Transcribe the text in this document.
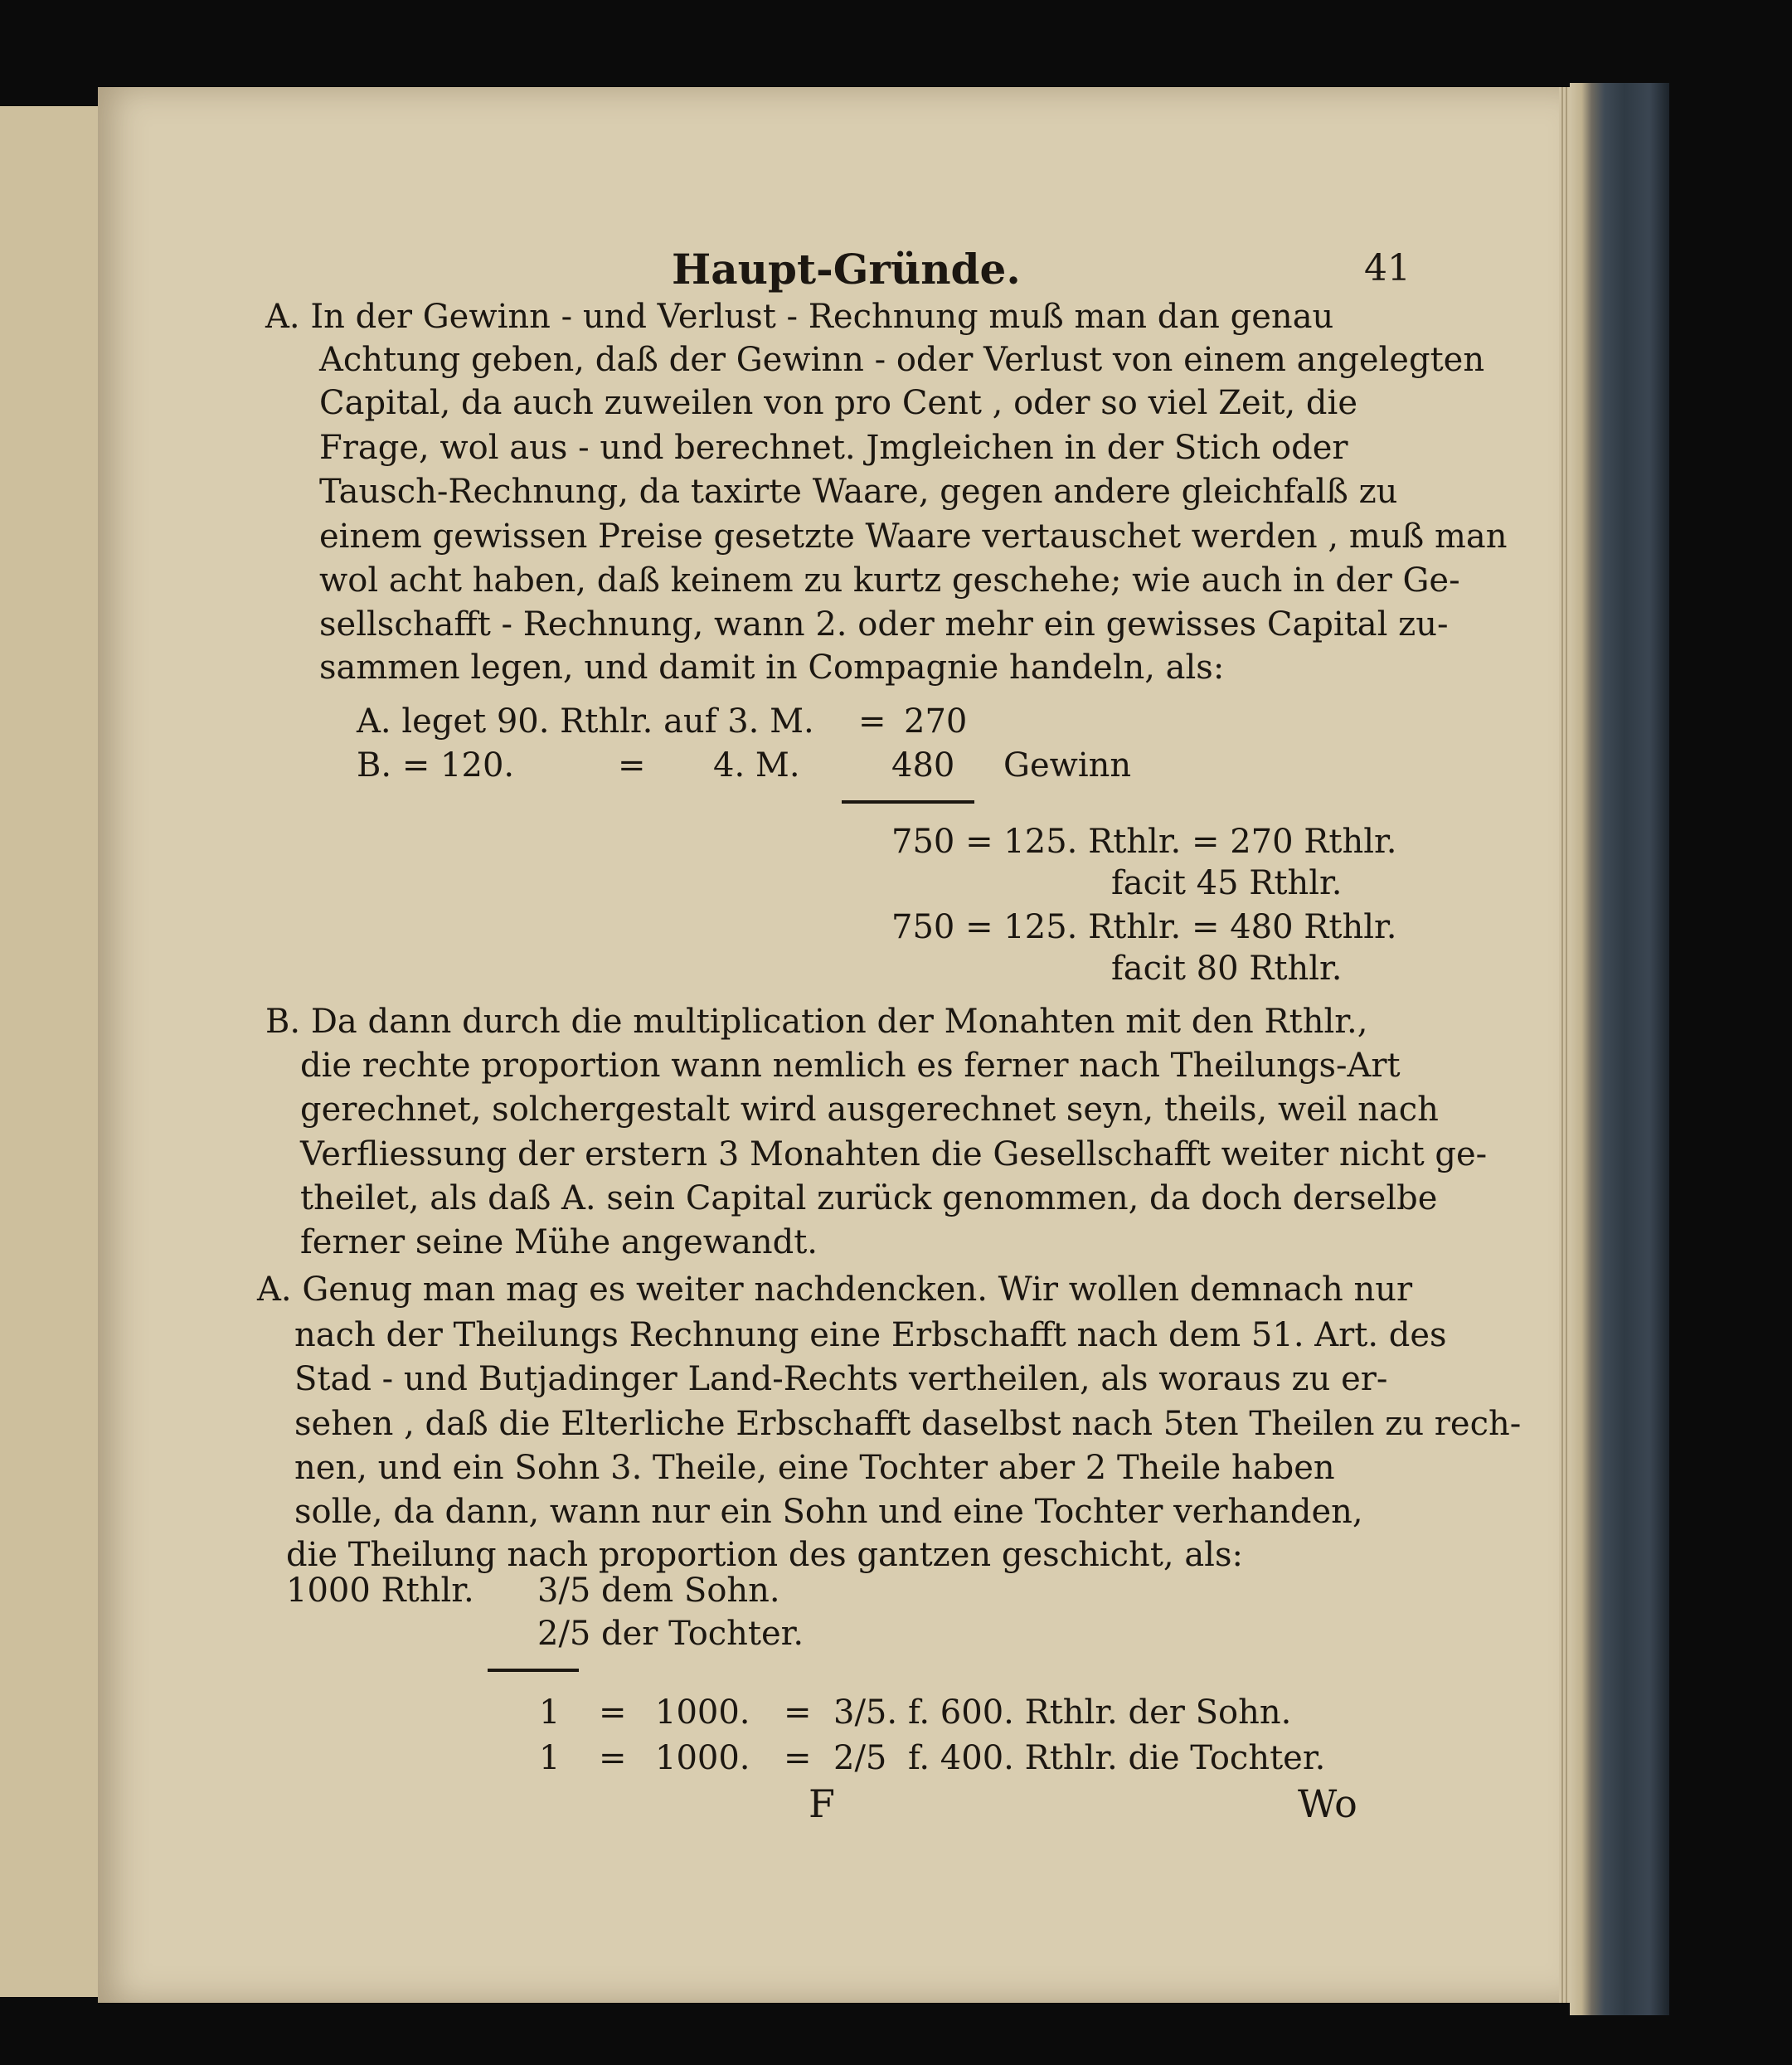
Haupt-Gründe.	41
A. In der Gewinn - und Verlust - Rechnung muß man dan genau
Achtung geben, daß der Gewinn - oder Verlust von einem angelegten
Capital, da auch zuweilen von pro Cent , oder so viel Zeit, die
Frage, wol aus - und berechnet. Jmgleichen in der Stich oder
Tausch-Rechnung, da taxirte Waare, gegen andere gleichfalß zu
einem gewissen Preise gesetzte Waare vertauschet werden , muß man
wol acht haben, daß keinem zu kurtz geschehe; wie auch in der Ge-
sellschafft - Rechnung, wann 2. oder mehr ein gewisses Capital zu-
sammen legen, und damit in Compagnie handeln, als:
A. leget 90. Rthlr. auf 3. M. = 270
B. = 120.	= 4. M.	480 Gewinn
750 = 125. Rthlr. = 270 Rthlr.
facit 45 Rthlr.
750 = 125. Rthlr. = 480 Rthlr.
facit 80 Rthlr.
B. Da dann durch die multiplication der Monahten mit den Rthlr.,
die rechte proportion wann nemlich es ferner nach Theilungs-Art
gerechnet, solchergestalt wird ausgerechnet seyn, theils, weil nach
Verfliessung der erstern 3 Monahten die Gesellschafft weiter nicht ge-
theilet, als daß A. sein Capital zurück genommen, da doch derselbe
ferner seine Mühe angewandt.
A. Genug man mag es weiter nachdencken. Wir wollen demnach nur
nach der Theilungs Rechnung eine Erbschafft nach dem 51. Art. des
Stad - und Butjadinger Land-Rechts vertheilen, als woraus zu er-
sehen , daß die Elterliche Erbschafft daselbst nach 5ten Theilen zu rech-
nen, und ein Sohn 3. Theile, eine Tochter aber 2 Theile haben
solle, da dann, wann nur ein Sohn und eine Tochter verhanden,
die Theilung nach proportion des gantzen geschicht, als:
1000 Rthlr. 3/5 dem Sohn.
2/5 der Tochter.
1 = 1000. = 3/5. f. 600. Rthlr. der Sohn.
1 = 1000. = 2/5 f. 400. Rthlr. die Tochter.
F	Wo
